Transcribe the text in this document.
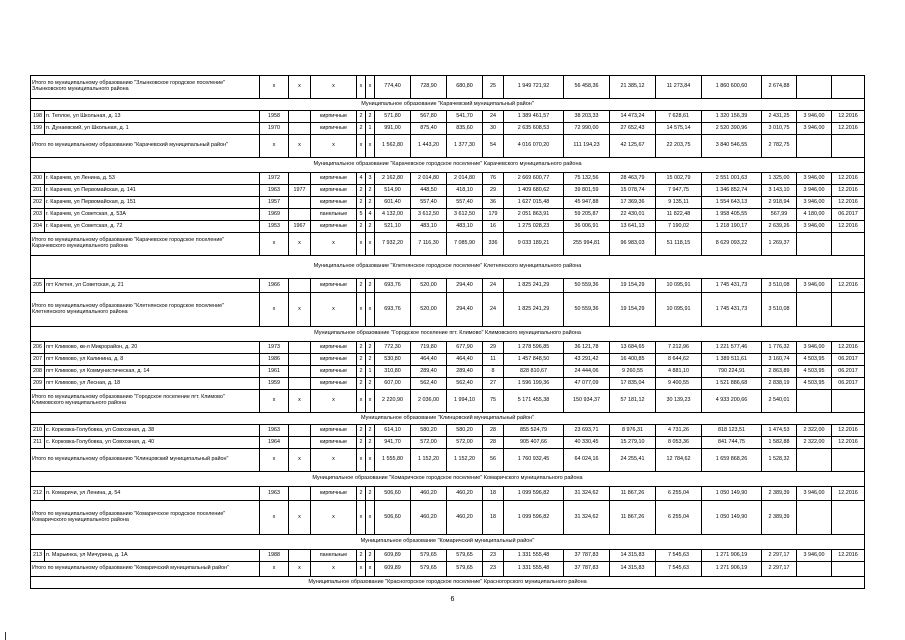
Итого по муниципальному образованию "Злынковское городское поселение" Злынковского муниципального района		x	x	x	x	x	774,40	728,90	680,80	25	1 949 721,92	56 458,36	21 385,12	11 273,84	1 860 600,60	2 674,88		
Муниципальное образование "Карачевский муниципальный район"																		
198	п. Теплое, ул Школьная, д. 13	1958		кирпичные	2	2	571,80	567,80	541,70	24	1 389 461,57	38 203,33	14 473,24	7 628,61	1 320 156,39	2 431,25	3 946,00	12.2016
199	п. Дунаевский, ул Школьная, д. 1	1970		кирпичные	2	1	991,00	875,40	835,60	30	2 635 608,53	72 990,00	27 652,43	14 575,14	2 520 390,96	3 010,75	3 946,00	12.2016
Итого по муниципальному образованию "Карачевский муниципальный район"		x	x	x	x	x	1 562,80	1 443,20	1 377,30	54	4 016 070,20	111 194,23	42 125,67	22 203,75	3 840 546,55	2 782,75		
Муниципальное образование "Карачевское городское поселение" Карачевского муниципального района																		
200	г. Карачев, ул Ленина, д. 53	1972		кирпичные	4	3	2 162,80	2 014,80	2 014,80	76	2 669 600,77	75 132,56	28 463,79	15 002,79	2 551 001,63	1 325,00	3 946,00	12.2016
201	г. Карачев, ул Первомайская, д. 141	1963	1977	кирпичные	2	2	514,90	448,50	418,10	29	1 409 680,62	39 801,59	15 078,74	7 947,75	1 346 852,74	3 143,10	3 946,00	12.2016
202	г. Карачев, ул Первомайская, д. 151	1957		кирпичные	2	2	601,40	557,40	557,40	36	1 627 015,48	45 947,88	17 369,36	9 135,11	1 554 643,13	2 918,94	3 946,00	12.2016
203	г. Карачев, ул Советская, д. 53А	1969		панельные	5	4	4 132,00	3 612,50	3 612,50	179	2 051 863,91	59 205,87	22 430,01	11 822,48	1 958 405,55	567,99	4 180,00	06.2017
204	г. Карачев, ул Советская, д. 72	1953	1967	кирпичные	2	2	521,10	483,10	483,10	16	1 275 028,23	36 006,91	13 641,13	7 190,02	1 218 190,17	2 639,26	3 946,00	12.2016
Итого по муниципальному образованию "Карачевское городское поселение" Карачевского муниципального района		x	x	x	x	x	7 932,20	7 116,30	7 085,90	336	9 033 189,21	255 994,81	96 983,03	51 118,15	8 629 093,22	1 269,37		
Муниципальное образование "Клетнянское городское поселение" Клетнянского муниципального района																		
205	пгт Клетня, ул Советская, д. 21	1966		кирпичные	2	2	693,76	520,00	294,40	24	1 825 241,29	50 559,36	19 154,29	10 095,91	1 745 431,73	3 510,08	3 946,00	12.2016
Итого по муниципальному образованию "Клетнянское городское поселение" Клетнянского муниципального района		x	x	x	x	x	693,76	520,00	294,40	24	1 825 241,29	50 559,36	19 154,29	10 095,91	1 745 431,73	3 510,08		
Муниципальное образование "Городское поселение пгт. Климово" Климовского муниципального района																		
206	пгт Климово, кв-л Микрорайон, д. 20	1973		кирпичные	2	2	772,30	719,80	677,90	29	1 278 596,85	36 121,78	13 684,65	7 212,96	1 221 577,46	1 776,32	3 946,00	12.2016
207	пгт Климово, ул Калинина, д. 8	1986		кирпичные	2	2	530,80	464,40	464,40	11	1 457 848,50	43 291,42	16 400,85	8 644,62	1 389 511,61	3 160,74	4 503,95	06.2017
208	пгт Климово, ул Коммунистическая, д. 14	1961		кирпичные	2	1	310,80	289,40	289,40	8	828 810,67	24 444,06	9 260,55	4 881,10	790 224,91	2 863,89	4 503,95	06.2017
209	пгт Климово, ул Лесная, д. 18	1959		кирпичные	2	2	607,00	562,40	562,40	27	1 596 199,36	47 077,09	17 835,04	9 400,55	1 521 886,68	2 838,19	4 503,95	06.2017
Итого по муниципальному образованию "Городское поселение пгт. Климово" Климовского муниципального района		x	x	x	x	x	2 220,90	2 036,00	1 994,10	75	5 171 455,38	150 934,37	57 181,12	30 139,23	4 933 200,66	2 540,01		
Муниципальное образование "Клинцовский муниципальный район"																		
210	с. Корковка-Голубовка, ул Совхозная, д. 38	1963		кирпичные	2	2	614,10	580,20	580,20	28	855 524,79	23 693,71	8 976,31	4 731,26	818 123,51	1 474,53	2 322,00	12.2016
211	с. Корковка-Голубовка, ул Совхозная, д. 40	1964		кирпичные	2	2	941,70	572,00	572,00	28	905 407,66	40 330,45	15 279,10	8 053,36	841 744,75	1 582,88	2 322,00	12.2016
Итого по муниципальному образованию "Клинцовский муниципальный район"		x	x	x	x	x	1 555,80	1 152,20	1 152,20	56	1 760 932,45	64 024,16	24 255,41	12 784,62	1 659 868,26	1 528,32		
Муниципальное образование "Комаричское городское поселение" Комаричского муниципального района																		
212	п. Комаричи, ул Ленина, д. 54	1963		кирпичные	2	2	506,60	460,20	460,20	18	1 099 596,82	31 324,62	11 867,26	6 255,04	1 050 149,90	2 389,39	3 946,00	12.2016
Итого по муниципальному образованию "Комаричское городское поселение" Комаричского муниципального района		x	x	x	x	x	506,60	460,20	460,20	18	1 099 596,82	31 324,62	11 867,26	6 255,04	1 050 149,90	2 389,39		
Муниципальное образование "Комаричский муниципальный район"																		
213	п. Марьинка, ул Мичурина, д. 1А	1988		панельные	2	2	609,89	579,65	579,65	23	1 331 555,48	37 787,83	14 315,83	7 545,63	1 271 906,19	2 297,17	3 946,00	12.2016
Итого по муниципальному образованию "Комаричский муниципальный район"		x	x	x	x	x	609,89	579,65	579,65	23	1 331 555,48	37 787,83	14 315,83	7 545,63	1 271 906,19	2 297,17		
Муниципальное образование "Красногорское городское поселение" Красногорского муниципального района																		
6
